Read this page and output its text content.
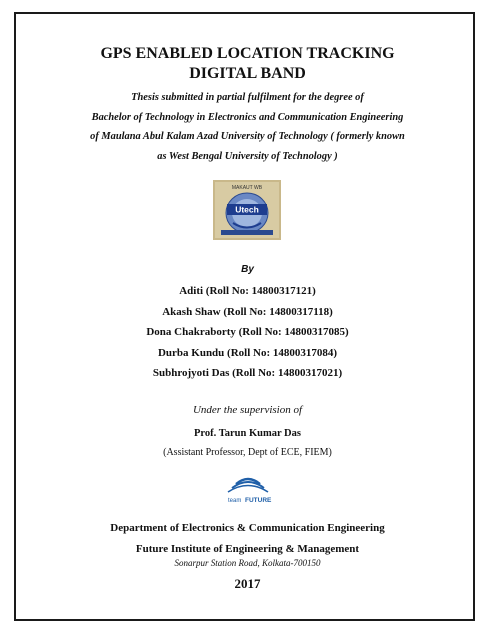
GPS ENABLED LOCATION TRACKING
DIGITAL BAND
Thesis submitted in partial fulfilment for the degree of
Bachelor of Technology in Electronics and Communication Engineering
of Maulana Abul Kalam Azad University of Technology ( formerly known
as West Bengal University of Technology )
MAKAUT WB
Utech
By
Aditi (Roll No: 14800317121)
Akash Shaw (Roll No: 14800317118)
Dona Chakraborty (Roll No: 14800317085)
Durba Kundu (Roll No: 14800317084)
Subhrojyoti Das (Roll No: 14800317021)
Under the supervision of
Prof. Tarun Kumar Das
(Assistant Professor, Dept of ECE, FIEM)
team FUTURE
Department of Electronics & Communication Engineering
Future Institute of Engineering & Management
Sonarpur Station Road, Kolkata-700150
2017
